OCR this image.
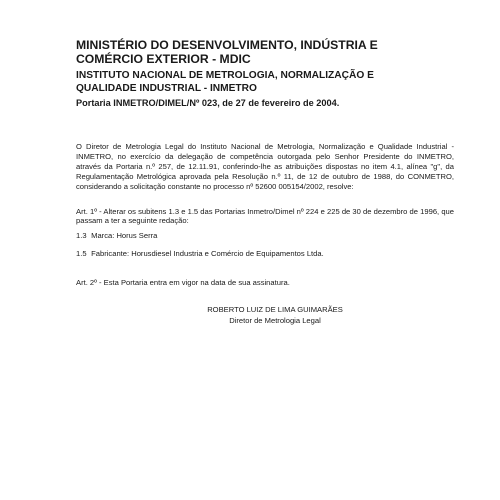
MINISTÉRIO DO DESENVOLVIMENTO, INDÚSTRIA E COMÉRCIO EXTERIOR - MDIC
INSTITUTO NACIONAL DE METROLOGIA, NORMALIZAÇÃO E QUALIDADE INDUSTRIAL - INMETRO
Portaria INMETRO/DIMEL/Nº 023, de 27 de fevereiro de 2004.

O Diretor de Metrologia Legal do Instituto Nacional de Metrologia, Normalização e Qualidade Industrial - INMETRO, no exercício da delegação de competência outorgada pelo Senhor Presidente do INMETRO, através da Portaria n.º 257, de 12.11.91, conferindo-lhe as atribuições dispostas no item 4.1, alínea "g", da Regulamentação Metrológica aprovada pela Resolução n.º 11, de 12 de outubro de 1988, do CONMETRO, considerando a solicitação constante no processo nº 52600 005154/2002, resolve:

Art. 1º - Alterar os subitens 1.3 e 1.5 das Portarias Inmetro/Dimel nº 224 e 225 de 30 de dezembro de 1996, que passam a ter a seguinte redação:

1.3 Marca: Horus Serra

1.5 Fabricante: Horusdiesel Industria e Comércio de Equipamentos Ltda.

Art. 2º - Esta Portaria entra em vigor na data de sua assinatura.

ROBERTO LUIZ DE LIMA GUIMARÃES

Diretor de Metrologia Legal
